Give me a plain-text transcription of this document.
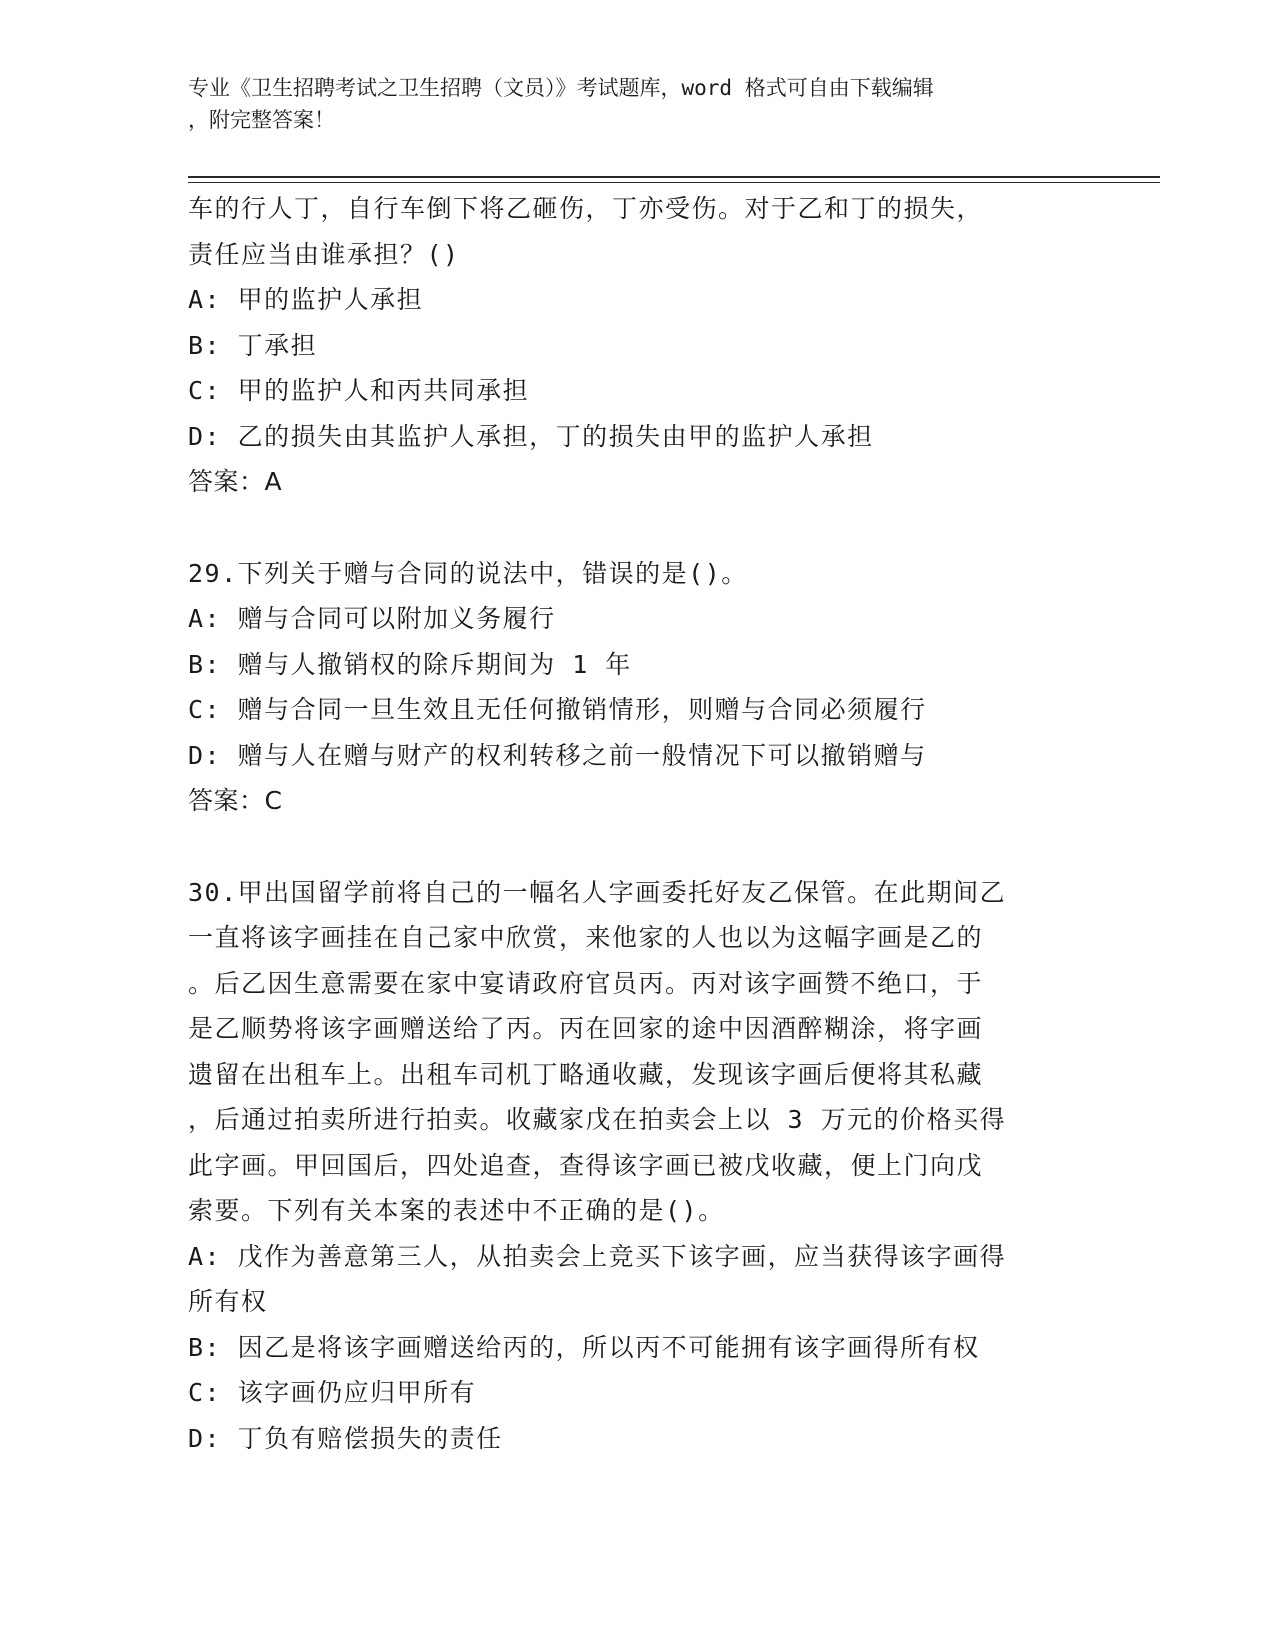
专业《卫生招聘考试之卫生招聘（文员）》考试题库，word 格式可自由下载编辑
，附完整答案！
车的行人丁，自行车倒下将乙砸伤，丁亦受伤。对于乙和丁的损失，
责任应当由谁承担？()
A: 甲的监护人承担
B: 丁承担
C: 甲的监护人和丙共同承担
D: 乙的损失由其监护人承担，丁的损失由甲的监护人承担
答案：A
29.下列关于赠与合同的说法中，错误的是()。
A: 赠与合同可以附加义务履行
B: 赠与人撤销权的除斥期间为 1 年
C: 赠与合同一旦生效且无任何撤销情形，则赠与合同必须履行
D: 赠与人在赠与财产的权利转移之前一般情况下可以撤销赠与
答案：C
30.甲出国留学前将自己的一幅名人字画委托好友乙保管。在此期间乙
一直将该字画挂在自己家中欣赏，来他家的人也以为这幅字画是乙的
。后乙因生意需要在家中宴请政府官员丙。丙对该字画赞不绝口，于
是乙顺势将该字画赠送给了丙。丙在回家的途中因酒醉糊涂，将字画
遗留在出租车上。出租车司机丁略通收藏，发现该字画后便将其私藏
，后通过拍卖所进行拍卖。收藏家戊在拍卖会上以 3 万元的价格买得
此字画。甲回国后，四处追查，查得该字画已被戊收藏，便上门向戊
索要。下列有关本案的表述中不正确的是()。
A: 戊作为善意第三人，从拍卖会上竞买下该字画，应当获得该字画得
所有权
B: 因乙是将该字画赠送给丙的，所以丙不可能拥有该字画得所有权
C: 该字画仍应归甲所有
D: 丁负有赔偿损失的责任
